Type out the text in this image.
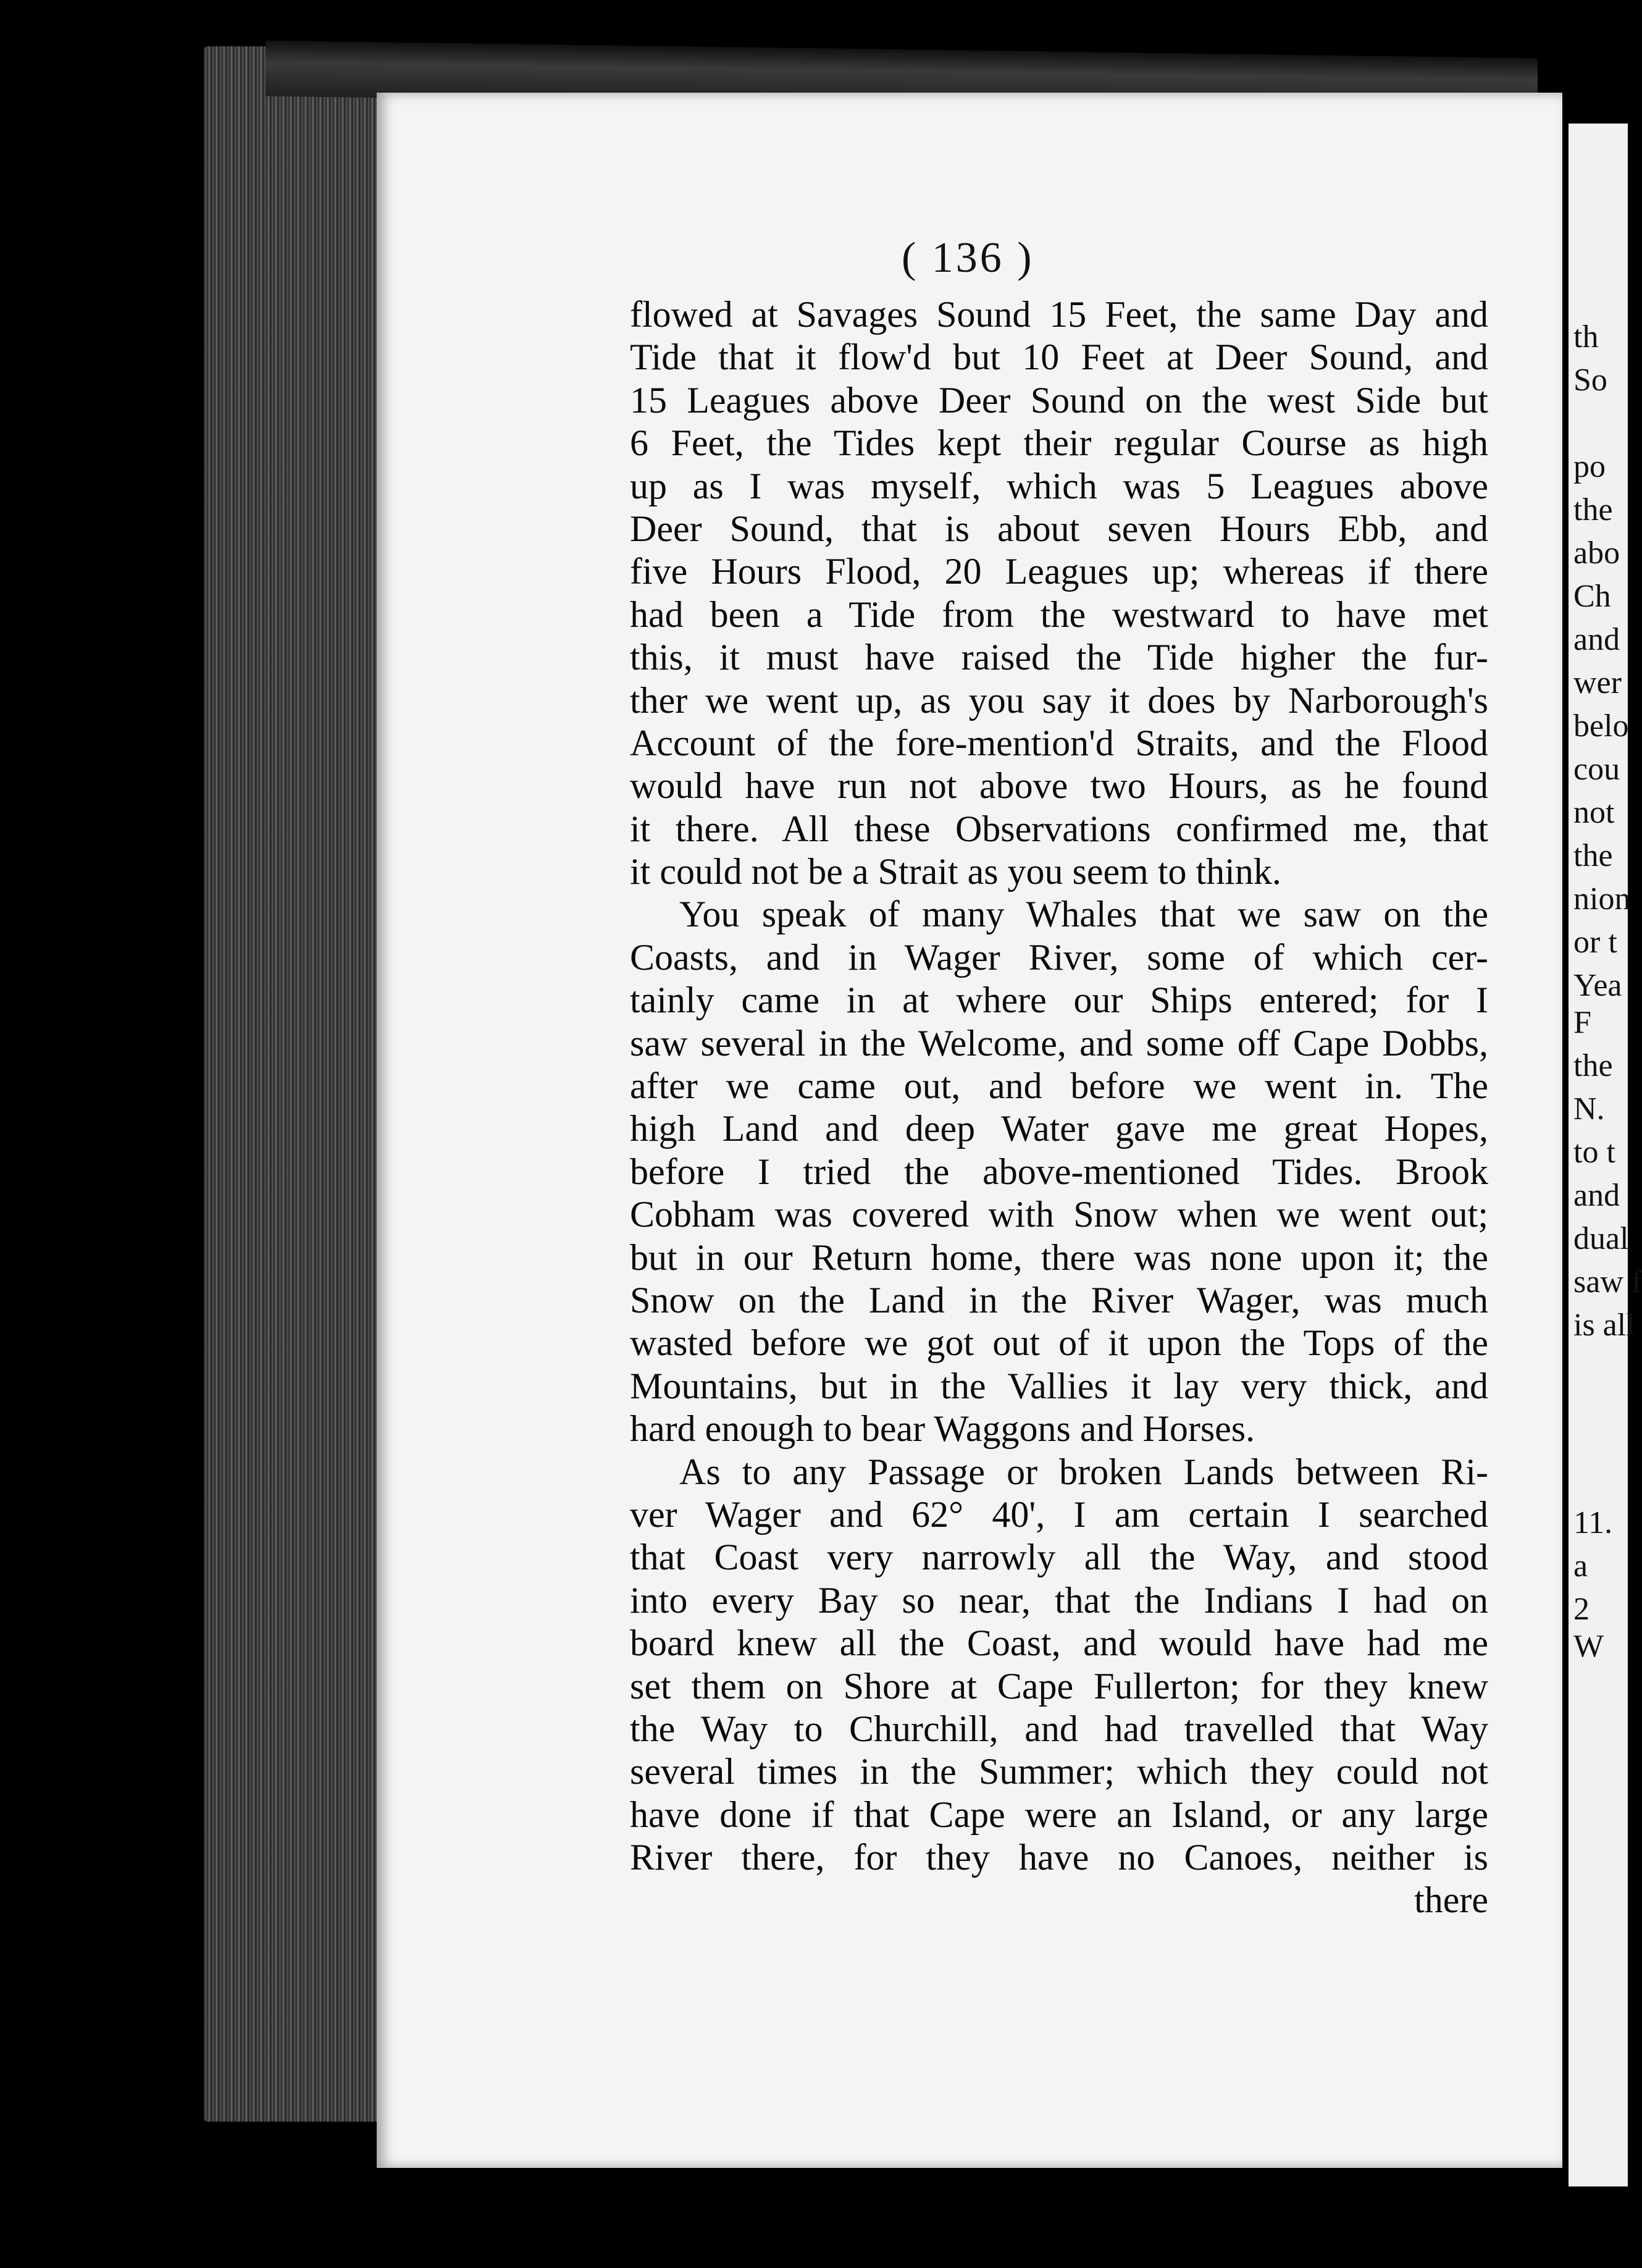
th
So
po
the
abo
Ch
and
wer
belo
cou
not
the
nion
or t
Yea
F
the
N.
to t
and
dual
saw f
is all
11.
a
2
W
( 136 )
flowed at Savages Sound 15 Feet, the same Day and
Tide that it flow'd but 10 Feet at Deer Sound, and
15 Leagues above Deer Sound on the west Side but
6 Feet, the Tides kept their regular Course as high
up as I was myself, which was 5 Leagues above
Deer Sound, that is about seven Hours Ebb, and
five Hours Flood, 20 Leagues up; whereas if there
had been a Tide from the westward to have met
this, it must have raised the Tide higher the fur-
ther we went up, as you say it does by Narborough's
Account of the fore-mention'd Straits, and the Flood
would have run not above two Hours, as he found
it there. All these Observations confirmed me, that
it could not be a Strait as you seem to think.
You speak of many Whales that we saw on the
Coasts, and in Wager River, some of which cer-
tainly came in at where our Ships entered; for I
saw several in the Welcome, and some off Cape Dobbs,
after we came out, and before we went in. The
high Land and deep Water gave me great Hopes,
before I tried the above-mentioned Tides. Brook
Cobham was covered with Snow when we went out;
but in our Return home, there was none upon it; the
Snow on the Land in the River Wager, was much
wasted before we got out of it upon the Tops of the
Mountains, but in the Vallies it lay very thick, and
hard enough to bear Waggons and Horses.
As to any Passage or broken Lands between Ri-
ver Wager and 62° 40', I am certain I searched
that Coast very narrowly all the Way, and stood
into every Bay so near, that the Indians I had on
board knew all the Coast, and would have had me
set them on Shore at Cape Fullerton; for they knew
the Way to Churchill, and had travelled that Way
several times in the Summer; which they could not
have done if that Cape were an Island, or any large
River there, for they have no Canoes, neither is
there
